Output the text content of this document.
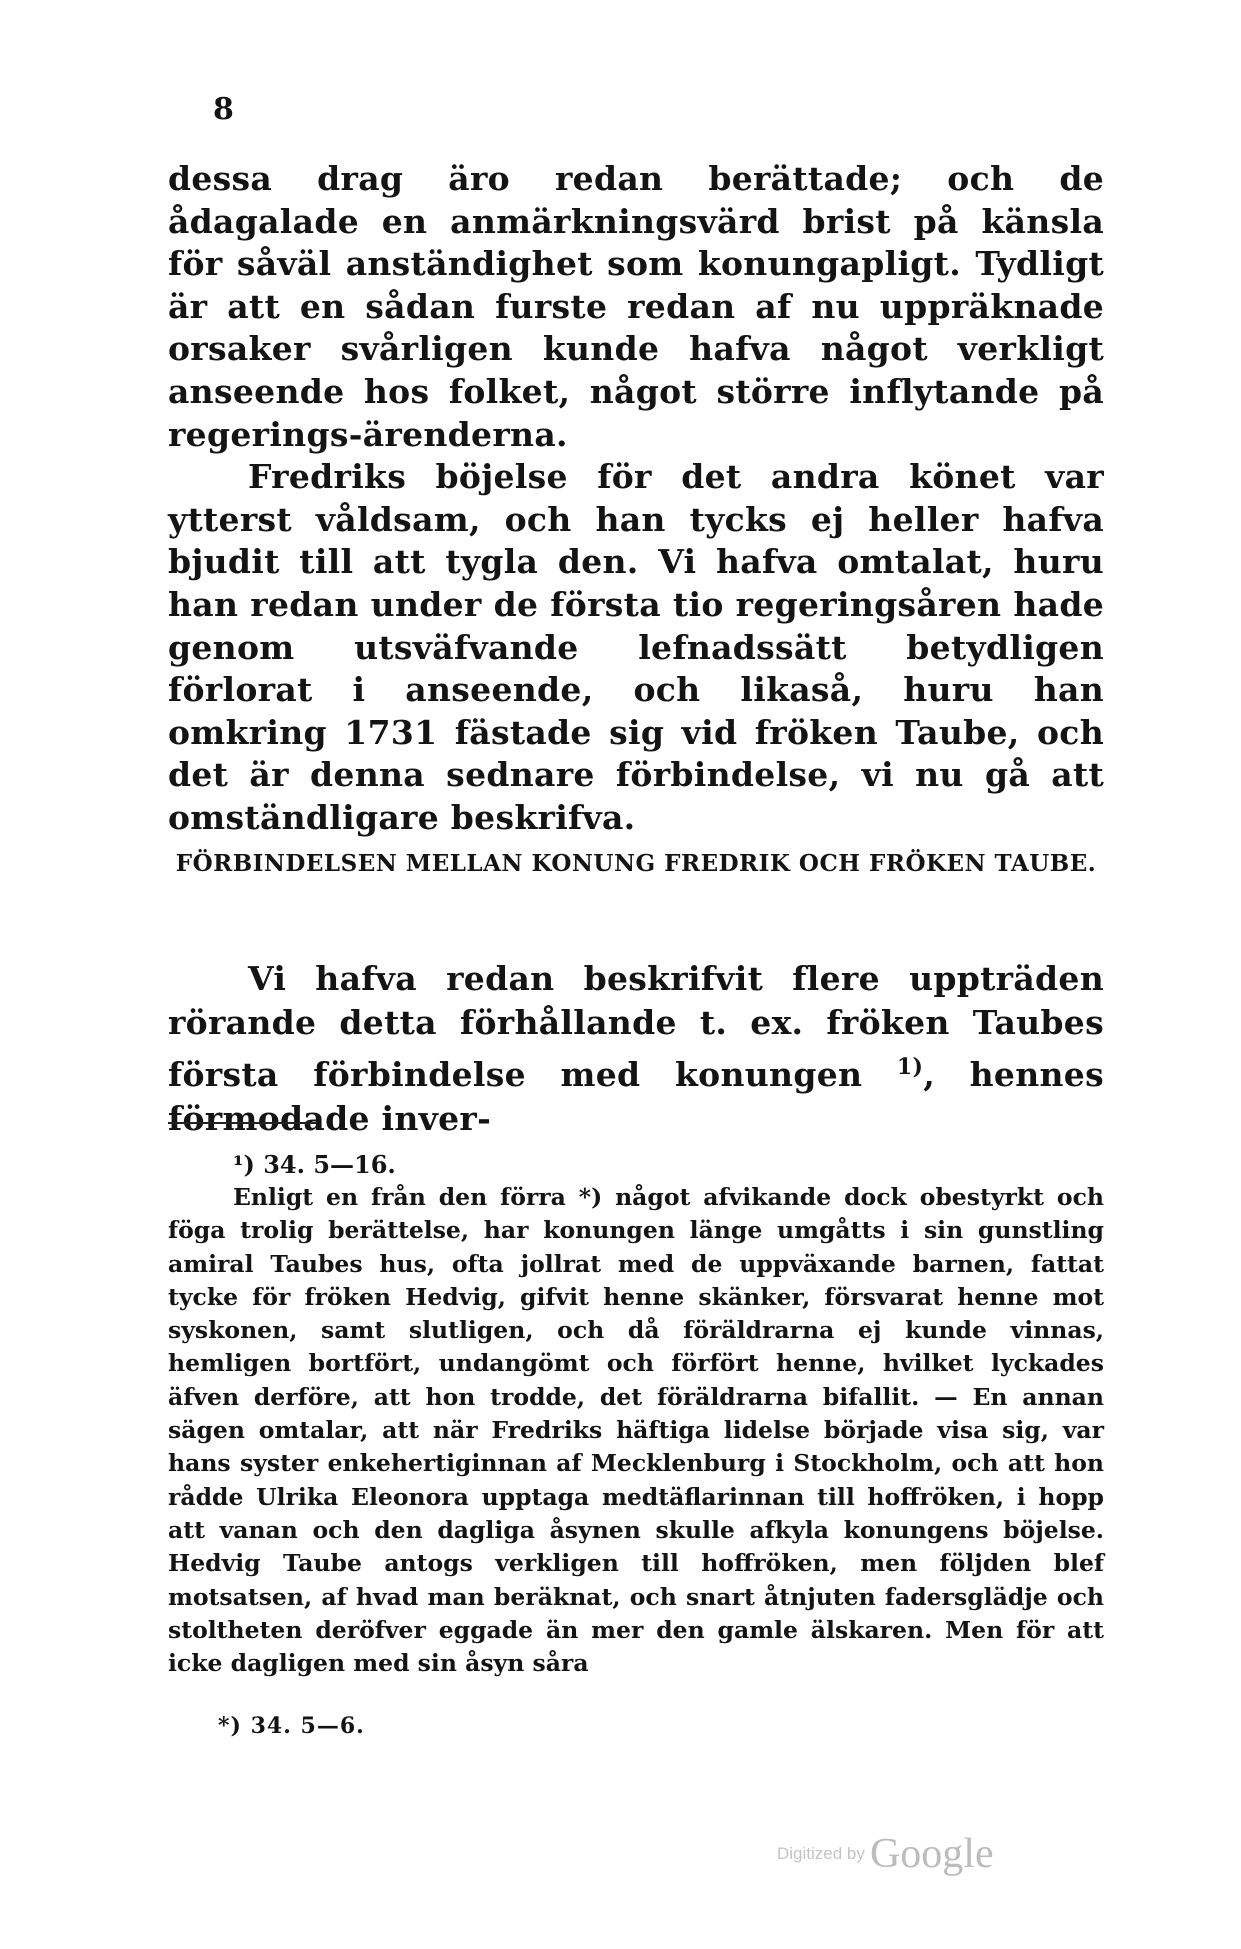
8

dessa drag äro redan berättade; och de ådagalade en anmärkningsvärd brist på känsla för såväl anständighet som konungapligt. Tydligt är att en sådan furste redan af nu uppräknade orsaker svårligen kunde hafva något verkligt anseende hos folket, något större inflytande på regerings-ärenderna.

Fredriks böjelse för det andra könet var ytterst våldsam, och han tycks ej heller hafva bjudit till att tygla den. Vi hafva omtalat, huru han redan under de första tio regeringsåren hade genom utsväfvande lefnadssätt betydligen förlorat i anseende, och likaså, huru han omkring 1731 fästade sig vid fröken Taube, och det är denna sednare förbindelse, vi nu gå att omständligare beskrifva.

FÖRBINDELSEN MELLAN KONUNG FREDRIK OCH FRÖKEN TAUBE.
Vi hafva redan beskrifvit flere uppträden rörande detta förhållande t. ex. fröken Taubes första förbindelse med konungen $^{1)}$, hennes förmodade inver-
¹) 34. 5—16.
Enligt en från den förra *) något afvikande dock obestyrkt och föga trolig berättelse, har konungen länge umgåtts i sin gunstling amiral Taubes hus, ofta jollrat med de uppväxande barnen, fattat tycke för fröken Hedvig, gifvit henne skänker, försvarat henne mot syskonen, samt slutligen, och då föräldrarna ej kunde vinnas, hemligen bortfört, undangömt och förfört henne, hvilket lyckades äfven derföre, att hon trodde, det föräldrarna bifallit. — En annan sägen omtalar, att när Fredriks häftiga lidelse började visa sig, var hans syster enkehertiginnan af Mecklenburg i Stockholm, och att hon rådde Ulrika Eleonora upptaga medtäflarinnan till hoffröken, i hopp att vanan och den dagliga åsynen skulle afkyla konungens böjelse. Hedvig Taube antogs verkligen till hoffröken, men följden blef motsatsen, af hvad man beräknat, och snart åtnjuten fadersglädje och stoltheten deröfver eggade än mer den gamle älskaren. Men för att icke dagligen med sin åsyn såra
*) 34. 5—6.
Digitized by Google
